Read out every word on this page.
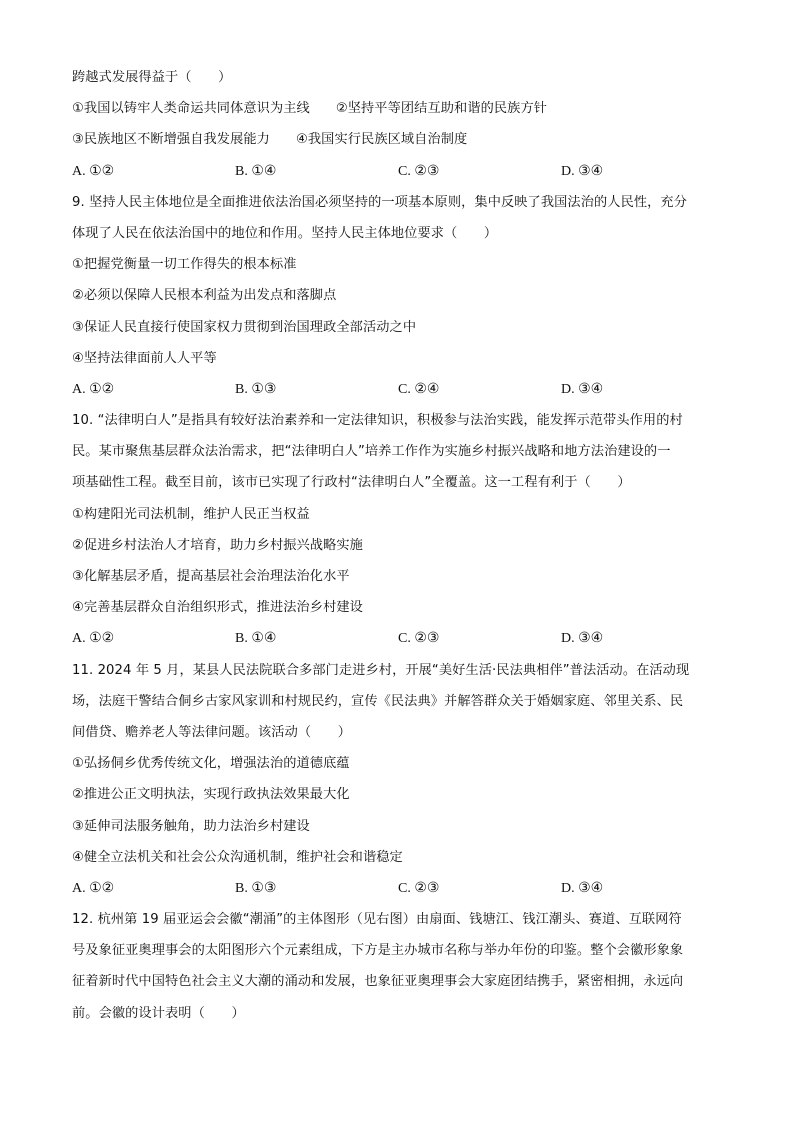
跨越式发展得益于（　　）
①我国以铸牢人类命运共同体意识为主线 ②坚持平等团结互助和谐的民族方针
③民族地区不断增强自我发展能力 ④我国实行民族区域自治制度
A. ①②	B. ①④	C. ②③	D. ③④
9. 坚持人民主体地位是全面推进依法治国必须坚持的一项基本原则，集中反映了我国法治的人民性，充分
体现了人民在依法治国中的地位和作用。坚持人民主体地位要求（　　）
①把握党衡量一切工作得失的根本标准
②必须以保障人民根本利益为出发点和落脚点
③保证人民直接行使国家权力贯彻到治国理政全部活动之中
④坚持法律面前人人平等
A. ①②	B. ①③	C. ②④	D. ③④
10. “法律明白人”是指具有较好法治素养和一定法律知识，积极参与法治实践，能发挥示范带头作用的村
民。某市聚焦基层群众法治需求，把“法律明白人”培养工作作为实施乡村振兴战略和地方法治建设的一
项基础性工程。截至目前，该市已实现了行政村“法律明白人”全覆盖。这一工程有利于（　　）
①构建阳光司法机制，维护人民正当权益
②促进乡村法治人才培育，助力乡村振兴战略实施
③化解基层矛盾，提高基层社会治理法治化水平
④完善基层群众自治组织形式，推进法治乡村建设
A. ①②	B. ①④	C. ②③	D. ③④
11. 2024 年 5 月，某县人民法院联合多部门走进乡村，开展“美好生活·民法典相伴”普法活动。在活动现
场，法庭干警结合侗乡古家风家训和村规民约，宣传《民法典》并解答群众关于婚姻家庭、邻里关系、民
间借贷、赡养老人等法律问题。该活动（　　）
①弘扬侗乡优秀传统文化，增强法治的道德底蕴
②推进公正文明执法，实现行政执法效果最大化
③延伸司法服务触角，助力法治乡村建设
④健全立法机关和社会公众沟通机制，维护社会和谐稳定
A. ①②	B. ①③	C. ②③	D. ③④
12. 杭州第 19 届亚运会会徽“潮涌”的主体图形（见右图）由扇面、钱塘江、钱江潮头、赛道、互联网符
号及象征亚奥理事会的太阳图形六个元素组成，下方是主办城市名称与举办年份的印鉴。整个会徽形象象
征着新时代中国特色社会主义大潮的涌动和发展，也象征亚奥理事会大家庭团结携手，紧密相拥，永远向
前。会徽的设计表明（　　）
